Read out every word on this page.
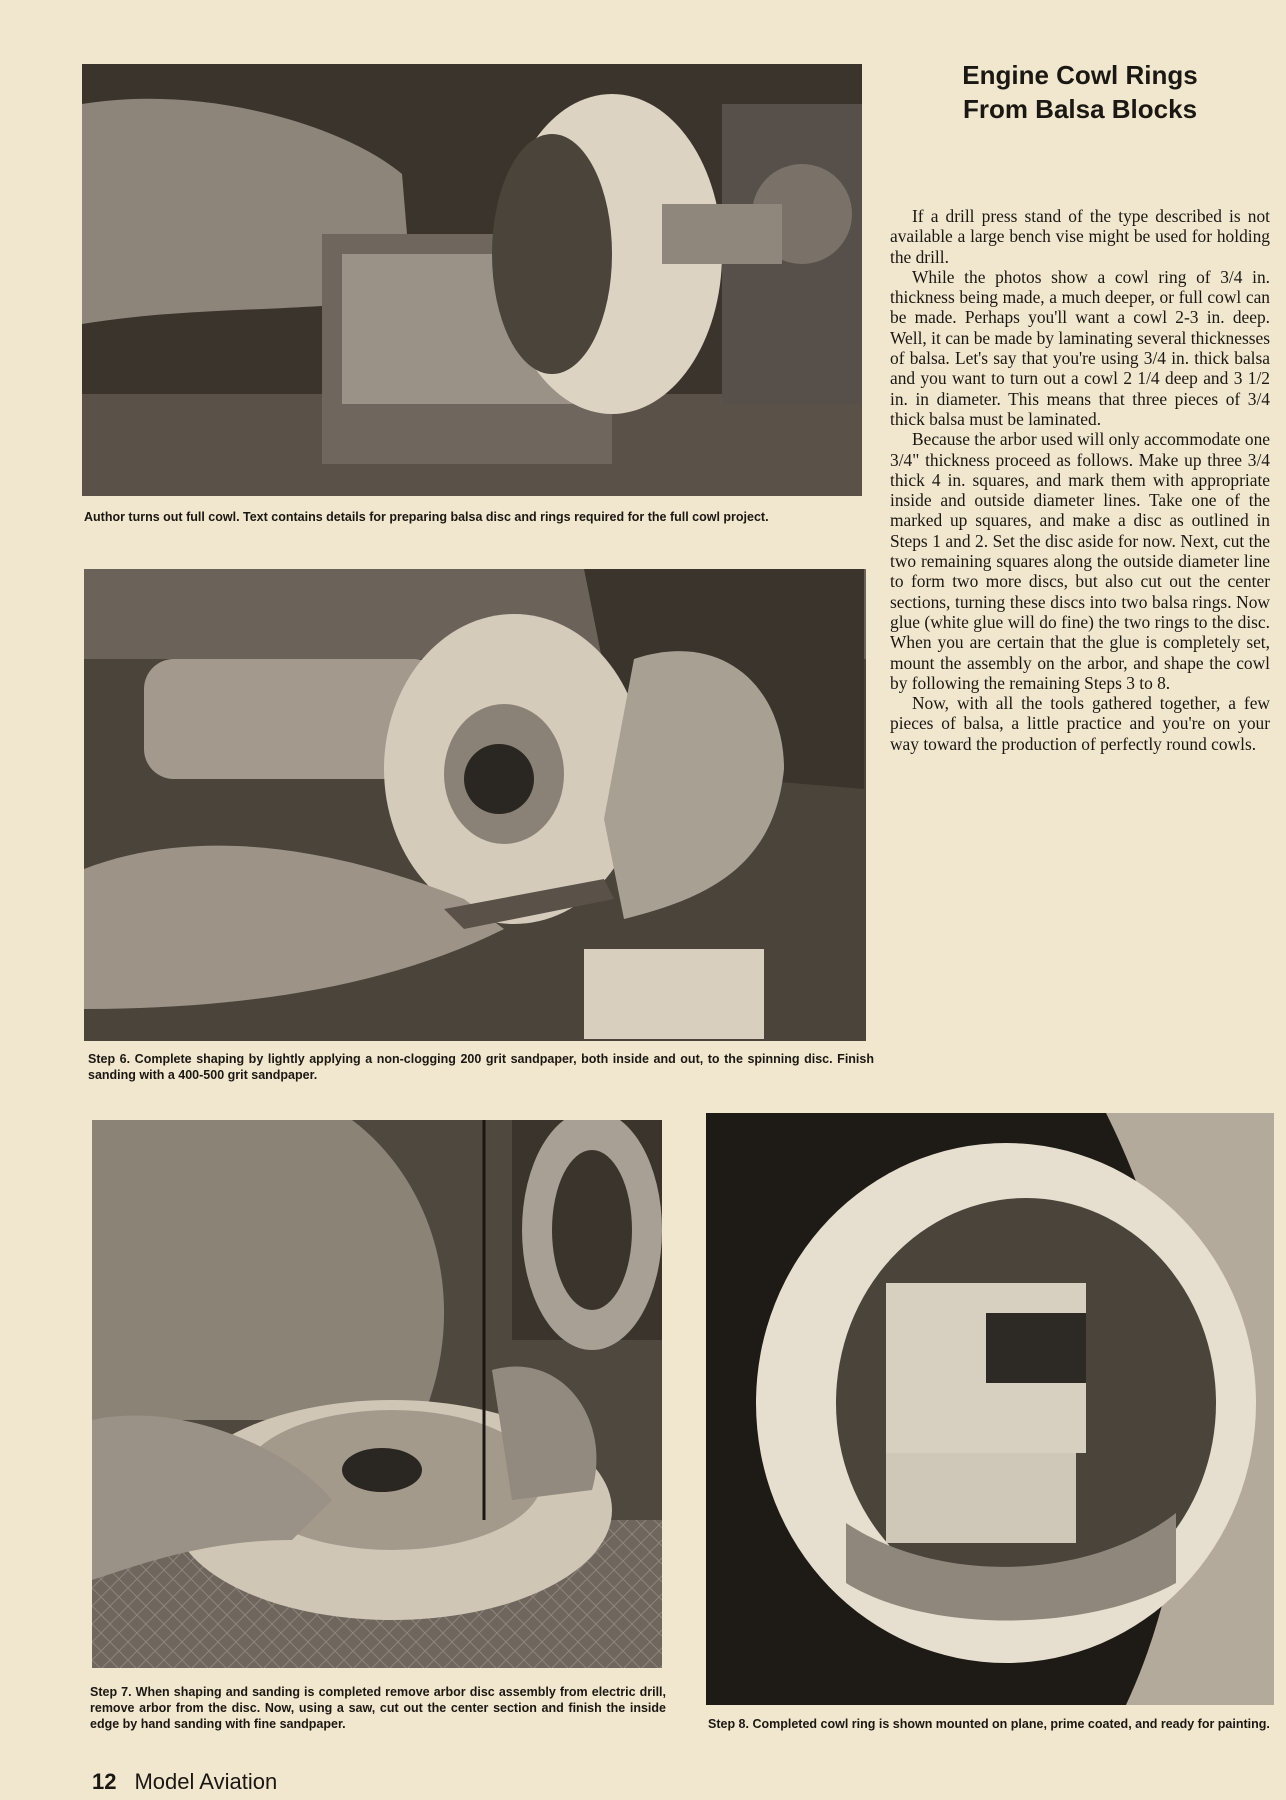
Author turns out full cowl. Text contains details for preparing balsa disc and rings required for the full cowl project.
Step 6. Complete shaping by lightly applying a non-clogging 200 grit sandpaper, both inside and out, to the spinning disc. Finish sanding with a 400-500 grit sandpaper.
Step 7. When shaping and sanding is completed remove arbor disc assembly from electric drill, remove arbor from the disc. Now, using a saw, cut out the center section and finish the inside edge by hand sanding with fine sandpaper.	Step 8. Completed cowl ring is shown mounted on plane, prime coated, and ready for painting.
Engine Cowl Rings
From Balsa Blocks

If a drill press stand of the type described is not available a large bench vise might be used for holding the drill.

While the photos show a cowl ring of 3/4 in. thickness being made, a much deeper, or full cowl can be made. Perhaps you'll want a cowl 2-3 in. deep. Well, it can be made by laminating several thicknesses of balsa. Let's say that you're using 3/4 in. thick balsa and you want to turn out a cowl 2 1/4 deep and 3 1/2 in. in diameter. This means that three pieces of 3/4 thick balsa must be laminated.

Because the arbor used will only accommodate one 3/4" thickness proceed as follows. Make up three 3/4 thick 4 in. squares, and mark them with appropriate inside and outside diameter lines. Take one of the marked up squares, and make a disc as outlined in Steps 1 and 2. Set the disc aside for now. Next, cut the two remaining squares along the outside diameter line to form two more discs, but also cut out the center sections, turning these discs into two balsa rings. Now glue (white glue will do fine) the two rings to the disc. When you are certain that the glue is completely set, mount the assembly on the arbor, and shape the cowl by following the remaining Steps 3 to 8.

Now, with all the tools gathered together, a few pieces of balsa, a little practice and you're on your way toward the production of perfectly round cowls.

12 Model Aviation
